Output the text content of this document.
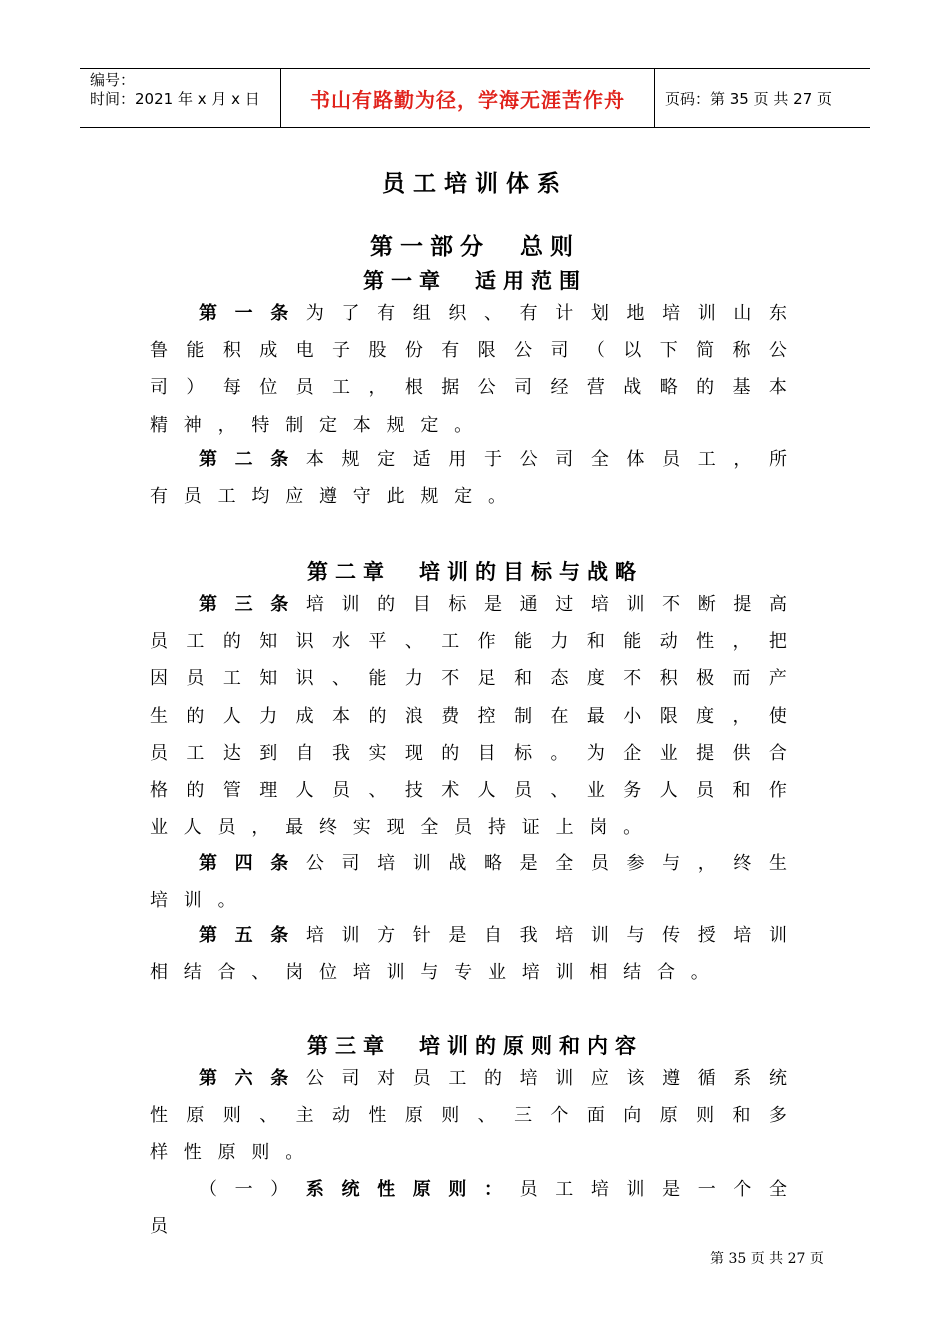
编号：
时间：2021 年 x 月 x 日	书山有路勤为径，学海无涯苦作舟	页码：第 35 页 共 27 页
员工培训体系
第一部分　总则
第一章　适用范围
第二章　培训的目标与战略
第三章　培训的原则和内容
第 一 条 为 了 有 组 织 、 有 计 划 地 培 训 山 东
鲁 能 积 成 电 子 股 份 有 限 公 司 （ 以 下 简 称 公
司 ） 每 位 员 工 ， 根 据 公 司 经 营 战 略 的 基 本
精 神 ， 特 制 定 本 规 定 。
第 二 条 本 规 定 适 用 于 公 司 全 体 员 工 ， 所
有 员 工 均 应 遵 守 此 规 定 。
第 三 条 培 训 的 目 标 是 通 过 培 训 不 断 提 高
员 工 的 知 识 水 平 、 工 作 能 力 和 能 动 性 ， 把
因 员 工 知 识 、 能 力 不 足 和 态 度 不 积 极 而 产
生 的 人 力 成 本 的 浪 费 控 制 在 最 小 限 度 ， 使
员 工 达 到 自 我 实 现 的 目 标 。 为 企 业 提 供 合
格 的 管 理 人 员 、 技 术 人 员 、 业 务 人 员 和 作
业 人 员 ， 最 终 实 现 全 员 持 证 上 岗 。
第 四 条 公 司 培 训 战 略 是 全 员 参 与 ， 终 生
培 训 。
第 五 条 培 训 方 针 是 自 我 培 训 与 传 授 培 训
相 结 合 、 岗 位 培 训 与 专 业 培 训 相 结 合 。
第 六 条 公 司 对 员 工 的 培 训 应 该 遵 循 系 统
性 原 则 、 主 动 性 原 则 、 三 个 面 向 原 则 和 多
样 性 原 则 。
（ 一 ） 系 统 性 原 则 ： 员 工 培 训 是 一 个 全
员
第 35 页 共 27 页
